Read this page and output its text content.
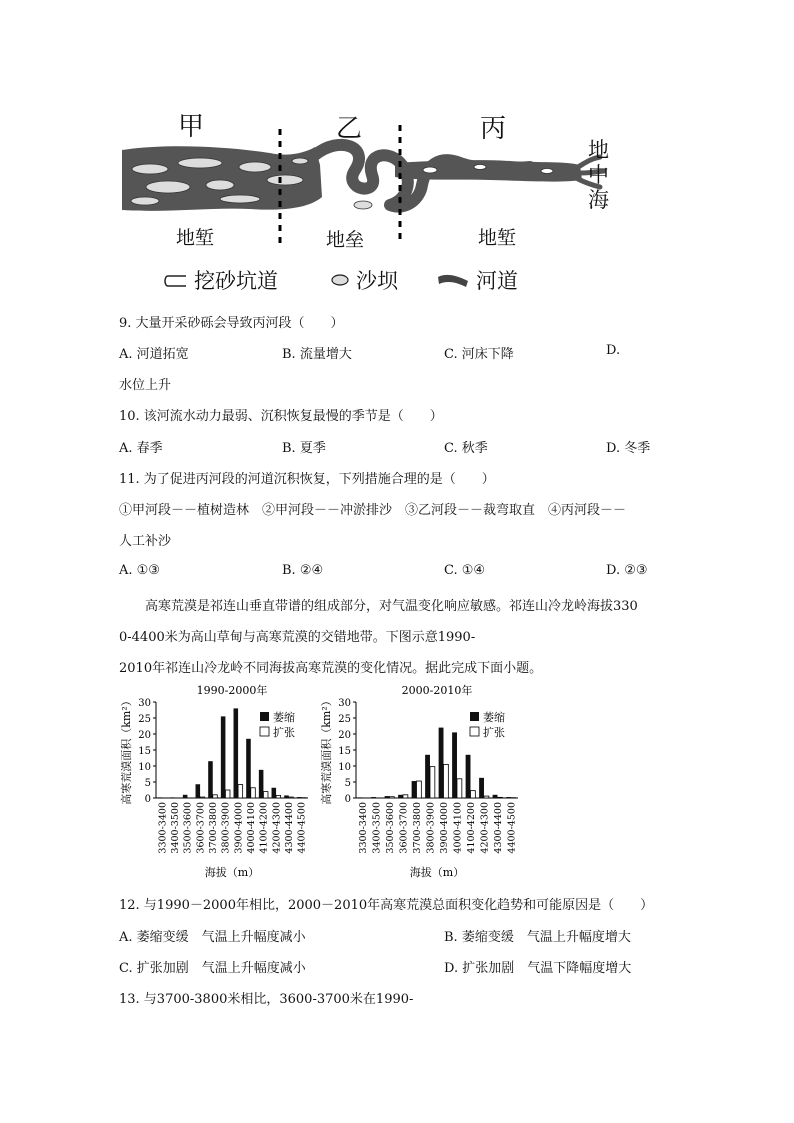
甲	乙	丙
地堑	地垒	地堑
地
中
海
挖砂坑道	沙坝	河道
9. 大量开采砂砾会导致丙河段（　　）
A. 河道拓宽	B. 流量增大	C. 河床下降	D.
水位上升
10. 该河流水动力最弱、沉积恢复最慢的季节是（　　）
A. 春季	B. 夏季	C. 秋季	D. 冬季
11. 为了促进丙河段的河道沉积恢复，下列措施合理的是（　　）
①甲河段－－植树造林　②甲河段－－冲淤排沙　③乙河段－－裁弯取直　④丙河段－－
人工补沙
A. ①③	B. ②④	C. ①④	D. ②③
　　高寒荒漠是祁连山垂直带谱的组成部分，对气温变化响应敏感。祁连山冷龙岭海拔330
0-4400米为高山草甸与高寒荒漠的交错地带。下图示意1990-
2010年祁连山冷龙岭不同海拔高寒荒漠的变化情况。据此完成下面小题。
1990-2000年
高寒荒漠面积（km²） 0
5
10
15
20
25
30
3300-3400 3400-3500 3500-3600 3600-3700 3700-3800 3800-3900 3900-4000 4000-4100 4100-4200 4200-4300 4300-4400 4400-4500
海拔（m）
萎缩
扩张
2000-2010年
高寒荒漠面积（km²） 0
5
10
15
20
25
30
3300-3400 3400-3500 3500-3600 3600-3700 3700-3800 3800-3900 3900-4000 4000-4100 4100-4200 4200-4300 4300-4400 4400-4500
海拔（m）
萎缩
扩张
12. 与1990－2000年相比，2000－2010年高寒荒漠总面积变化趋势和可能原因是（　　）
A. 萎缩变缓　气温上升幅度减小	B. 萎缩变缓　气温上升幅度增大
C. 扩张加剧　气温上升幅度减小	D. 扩张加剧　气温下降幅度增大
13. 与3700-3800米相比，3600-3700米在1990-
